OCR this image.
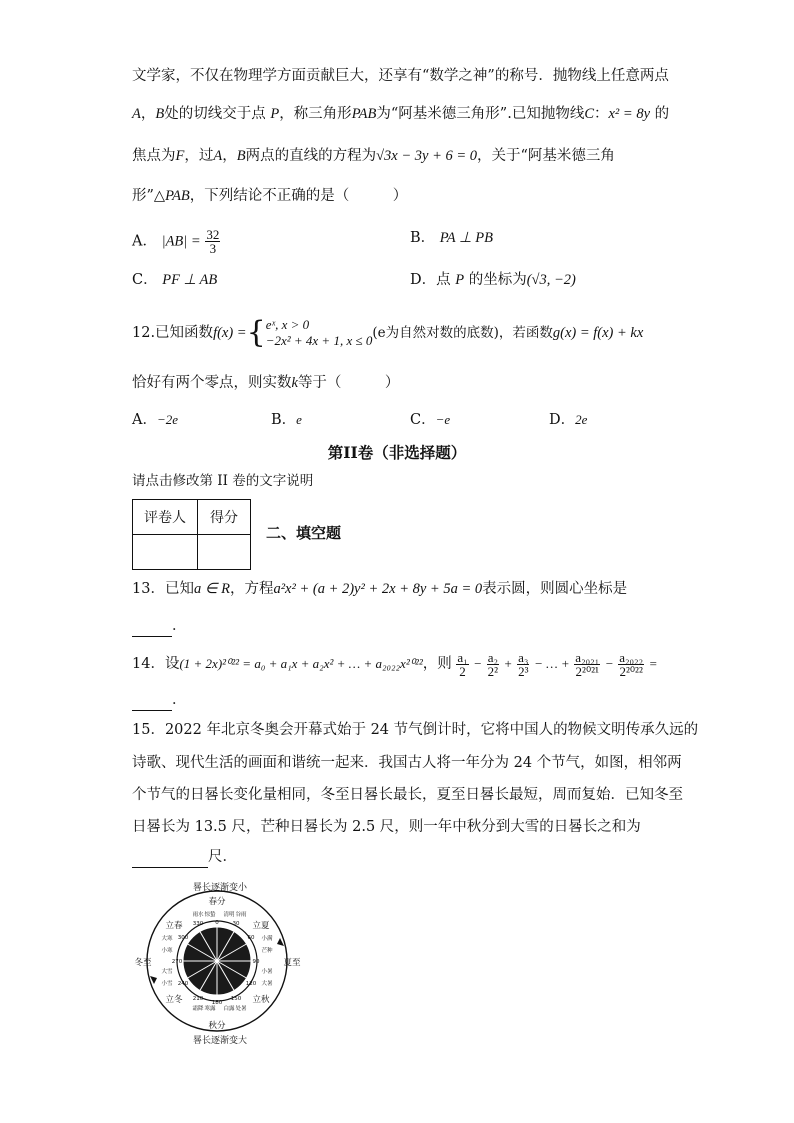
文学家，不仅在物理学方面贡献巨大，还享有“数学之神”的称号．抛物线上任意两点
A，B处的切线交于点 P，称三角形PAB为“阿基米德三角形”.已知抛物线C：x² = 8y 的
焦点为F，过A，B两点的直线的方程为√3x − 3y + 6 = 0，关于“阿基米德三角
形”△PAB，下列结论不正确的是（　　　）
A． $|AB| = \frac{32}{3}$	B． PA ⊥ PB
C． PF ⊥ AB	D．点 P 的坐标为(√3, −2)
12.已知函数f(x) ={ eˣ, x > 0
−2x² + 4x + 1, x ≤ 0 (e为自然对数的底数)，若函数g(x) = f(x) + kx
恰好有两个零点，则实数k等于（　　　）
A．−2e	B．e	C．−e	D．2e
第II卷（非选择题）
请点击修改第 II 卷的文字说明
评卷人	得分

二、填空题
13．已知a ∈ R，方程a²x² + (a + 2)y² + 2x + 8y + 5a = 0表示圆，则圆心坐标是
．
14．设(1 + 2x)²⁰²² = a₀ + a₁x + a₂x² + … + a₂₀₂₂x²⁰²²，则 $\frac{\text{a₁}}{2} - \frac{\text{a₂}}{\text{2²}} + \frac{\text{a₃}}{\text{2³}}$ − … + $\frac{\text{a₂₀₂₁}}{\text{2²⁰²¹}} - \frac{\text{a₂₀₂₂}}{\text{2²⁰²²}}$ =
．
15．2022 年北京冬奥会开幕式始于 24 节气倒计时，它将中国人的物候文明传承久远的
诗歌、现代生活的画面和谐统一起来．我国古人将一年分为 24 个节气，如图，相邻两
个节气的日晷长变化量相同，冬至日晷长最长，夏至日晷长最短，周而复始．已知冬至
日晷长为 13.5 尺，芒种日晷长为 2.5 尺，则一年中秋分到大雪的日晷长之和为
尺．
晷长逐渐变小
晷长逐渐变大
春分
秋分
冬至	夏至
立春	立夏
立秋
立冬
雨水 惊蛰 清明 谷雨
小满
芒种
小暑
大暑
处暑
白露
寒露
霜降
小雪
大雪
小寒
大寒
0	30
60
90
120
150
180
210
240
270
300
330
